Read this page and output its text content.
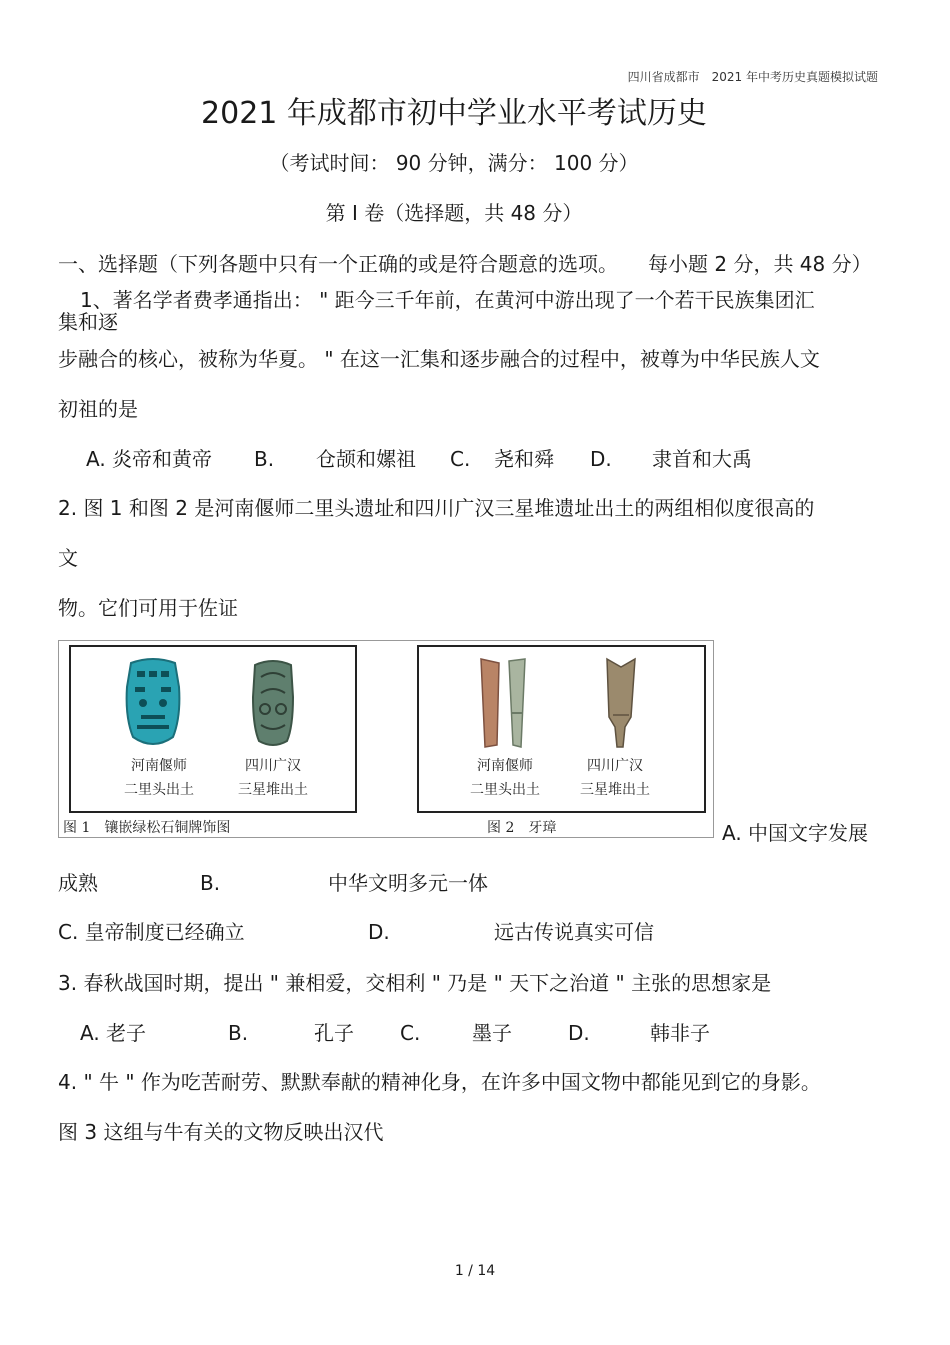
四川省成都市　2021 年中考历史真题模拟试题
2021 年成都市初中学业水平考试历史
（考试时间： 90 分钟，满分： 100 分）
第 I 卷（选择题，共 48 分）
一、选择题（下列各题中只有一个正确的或是符合题意的选项。　　每小题 2 分，共 48 分）
1、著名学者费孝通指出： " 距今三千年前，在黄河中游出现了一个若干民族集团汇
集和逐
步融合的核心，被称为华夏。 " 在这一汇集和逐步融合的过程中，被尊为中华民族人文
初祖的是
A. 炎帝和黄帝 B. 仓颉和嫘祖 C. 尧和舜 D. 隶首和大禹
2. 图 1 和图 2 是河南偃师二里头遗址和四川广汉三星堆遗址出土的两组相似度很高的
文
物。它们可用于佐证
河南偃师
二里头出土
四川广汉
三星堆出土
河南偃师
二里头出土
四川广汉
三星堆出土
图 1　镶嵌绿松石铜牌饰图	图 2　牙璋	A. 中国文字发展
成熟	B.	中华文明多元一体
C. 皇帝制度已经确立	D.	远古传说真实可信
3. 春秋战国时期，提出 " 兼相爱，交相利 " 乃是 " 天下之治道 " 主张的思想家是
A. 老子	B.	孔子 C.	墨子	D.	韩非子
4. " 牛 " 作为吃苦耐劳、默默奉献的精神化身，在许多中国文物中都能见到它的身影。
图 3 这组与牛有关的文物反映出汉代
1 / 14
